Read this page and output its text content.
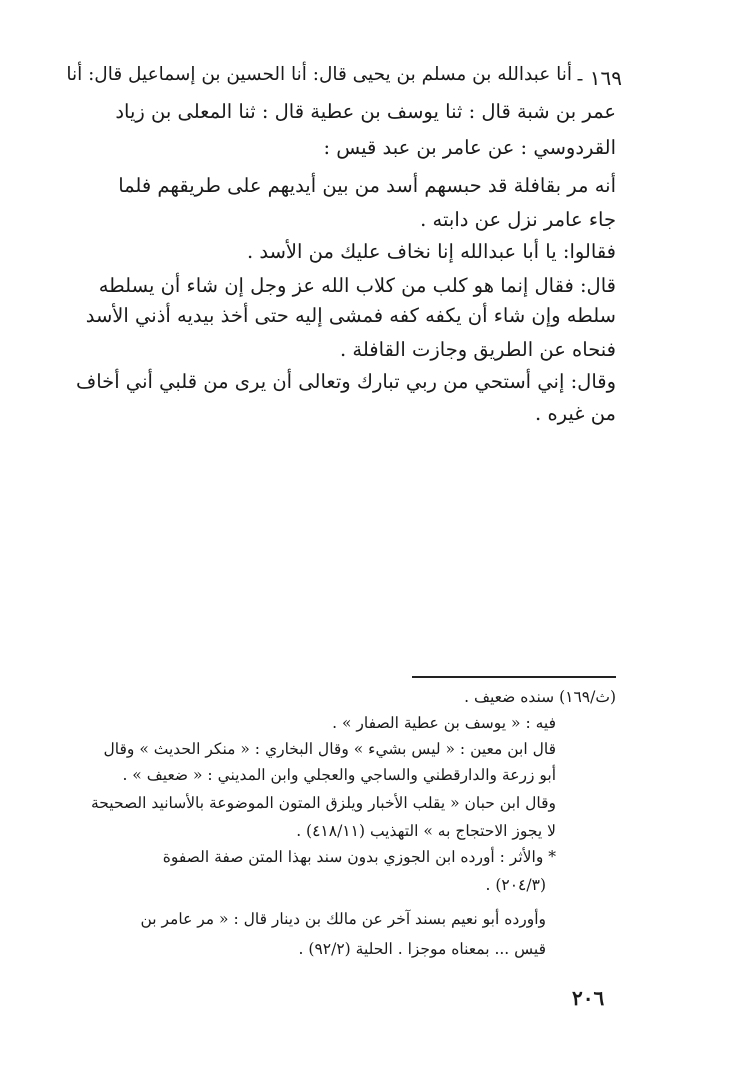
١٦٩ -
أنا عبدالله بن مسلم بن يحيى قال: أنا الحسين بن إسماعيل قال: أنا
عمر بن شبة قال : ثنا يوسف بن عطية قال : ثنا المعلى بن زياد
القردوسي : عن عامر بن عبد قيس :
أنه مر بقافلة قد حبسهم أسد من بين أيديهم على طريقهم فلما
جاء عامر نزل عن دابته .
فقالوا: يا أبا عبدالله إنا نخاف عليك من الأسد .
قال: فقال إنما هو كلب من كلاب الله عز وجل إن شاء أن يسلطه
سلطه وإن شاء أن يكفه كفه فمشى إليه حتى أخذ بيديه أذني الأسد
فنحاه عن الطريق وجازت القافلة .
وقال: إني أستحي من ربي تبارك وتعالى أن يرى من قلبي أني أخاف
من غيره .
(ث/١٦٩) سنده ضعيف .
فيه : « يوسف بن عطية الصفار » .
قال ابن معين : « ليس بشيء » وقال البخاري : « منكر الحديث » وقال
أبو زرعة والدارقطني والساجي والعجلي وابن المديني : « ضعيف » .
وقال ابن حبان « يقلب الأخبار ويلزق المتون الموضوعة بالأسانيد الصحيحة
لا يجوز الاحتجاج به » التهذيب (٤١٨/١١) .
* والأثر : أورده ابن الجوزي بدون سند بهذا المتن صفة الصفوة
(٢٠٤/٣) .
وأورده أبو نعيم بسند آخر عن مالك بن دينار قال : « مر عامر بن
قيس ... بمعناه موجزا . الحلية (٩٢/٢) .
٢٠٦
